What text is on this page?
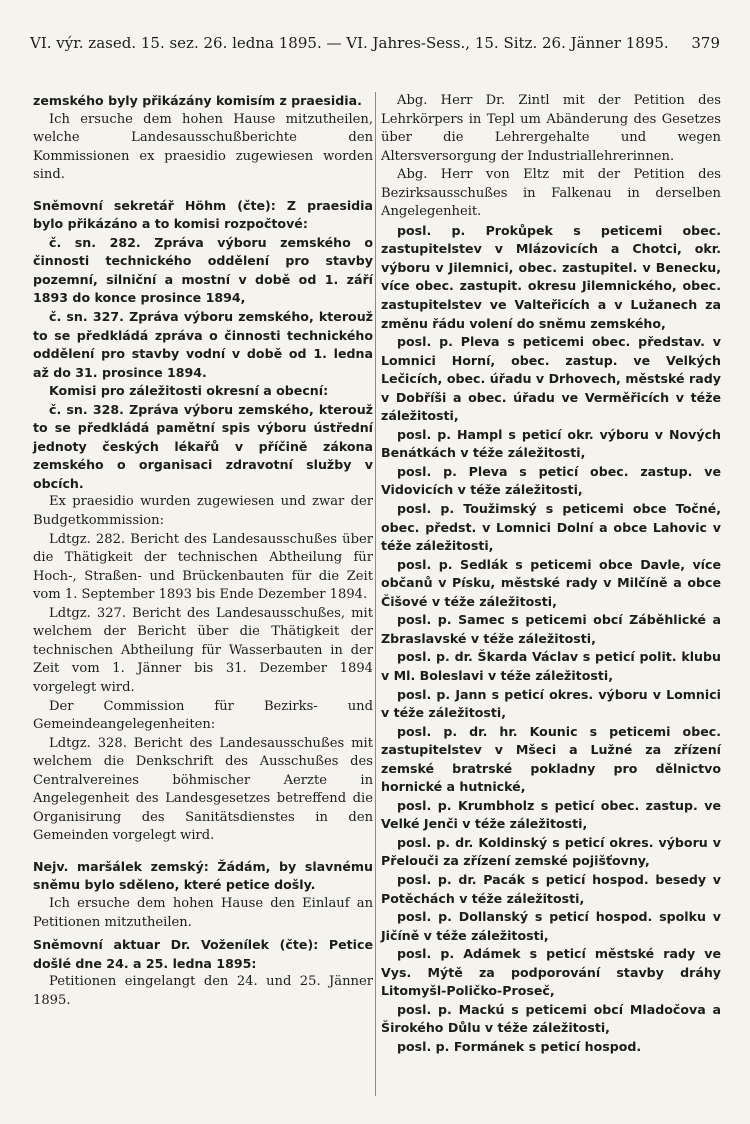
VI. výr. zased. 15. sez. 26. ledna 1895. — VI. Jahres-Sess., 15. Sitz. 26. Jänner 1895. 379

zemského byly přikázány komisím z praesidia.

Ich ersuche dem hohen Hause mitzutheilen, welche Landesausschußberichte den Kommissionen ex praesidio zugewiesen worden sind.

Sněmovní sekretář Höhm (čte): Z praesidia bylo přikázáno a to komisi rozpočtové:

č. sn. 282. Zpráva výboru zemského o činnosti technického oddělení pro stavby pozemní, silniční a mostní v době od 1. září 1893 do konce prosince 1894,

č. sn. 327. Zpráva výboru zemského, kterouž to se předkládá zpráva o činnosti technického oddělení pro stavby vodní v době od 1. ledna až do 31. prosince 1894.

Komisi pro záležitosti okresní a obecní:

č. sn. 328. Zpráva výboru zemského, kterouž to se předkládá pamětní spis výboru ústřední jednoty českých lékařů v příčině zákona zemského o organisaci zdravotní služby v obcích.

Ex praesidio wurden zugewiesen und zwar der Budgetkommission:

Ldtgz. 282. Bericht des Landesausschußes über die Thätigkeit der technischen Abtheilung für Hoch-, Straßen- und Brückenbauten für die Zeit vom 1. September 1893 bis Ende Dezember 1894.

Ldtgz. 327. Bericht des Landesausschußes, mit welchem der Bericht über die Thätigkeit der technischen Abtheilung für Wasserbauten in der Zeit vom 1. Jänner bis 31. Dezember 1894 vorgelegt wird.

Der Commission für Bezirks- und Gemeindeangelegenheiten:

Ldtgz. 328. Bericht des Landesausschußes mit welchem die Denkschrift des Ausschußes des Centralvereines böhmischer Aerzte in Angelegenheit des Landesgesetzes betreffend die Organisirung des Sanitätsdienstes in den Gemeinden vorgelegt wird.

Nejv. maršálek zemský: Žádám, by slavnému sněmu bylo sděleno, které petice došly.

Ich ersuche dem hohen Hause den Einlauf an Petitionen mitzutheilen.

Sněmovní aktuar Dr. Voženílek (čte): Petice došlé dne 24. a 25. ledna 1895:

Petitionen eingelangt den 24. und 25. Jänner 1895.

Abg. Herr Dr. Zintl mit der Petition des Lehrkörpers in Tepl um Abänderung des Gesetzes über die Lehrergehalte und wegen Altersversorgung der Industriallehrerinnen.

Abg. Herr von Eltz mit der Petition des Bezirksausschußes in Falkenau in derselben Angelegenheit.

posl. p. Prokůpek s peticemi obec. zastupitelstev v Mlázovicích a Chotci, okr. výboru v Jilemnici, obec. zastupitel. v Benecku, více obec. zastupit. okresu Jilemnického, obec. zastupitelstev ve Valteřicích a v Lužanech za změnu řádu volení do sněmu zemského,

posl. p. Pleva s peticemi obec. představ. v Lomnici Horní, obec. zastup. ve Velkých Lečicích, obec. úřadu v Drhovech, městské rady v Dobříši a obec. úřadu ve Verměřicích v téže záležitosti,

posl. p. Hampl s peticí okr. výboru v Nových Benátkách v téže záležitosti,

posl. p. Pleva s peticí obec. zastup. ve Vidovicích v téže záležitosti,

posl. p. Toužimský s peticemi obce Točné, obec. předst. v Lomnici Dolní a obce Lahovic v téže záležitosti,

posl. p. Sedlák s peticemi obce Davle, více občanů v Písku, městské rady v Milčíně a obce Čišové v téže záležitosti,

posl. p. Samec s peticemi obcí Záběhlické a Zbraslavské v téže záležitosti,

posl. p. dr. Škarda Václav s peticí polit. klubu v Ml. Boleslavi v téže záležitosti,

posl. p. Jann s peticí okres. výboru v Lomnici v téže záležitosti,

posl. p. dr. hr. Kounic s peticemi obec. zastupitelstev v Mšeci a Lužné za zřízení zemské bratrské pokladny pro dělnictvo hornické a hutnické,

posl. p. Krumbholz s peticí obec. zastup. ve Velké Jenči v téže záležitosti,

posl. p. dr. Koldinský s peticí okres. výboru v Přelouči za zřízení zemské pojišťovny,

posl. p. dr. Pacák s peticí hospod. besedy v Potěchách v téže záležitosti,

posl. p. Dollanský s peticí hospod. spolku v Jičíně v téže záležitosti,

posl. p. Adámek s peticí městské rady ve Vys. Mýtě za podporování stavby dráhy Litomyšl-Poličko-Proseč,

posl. p. Mackú s peticemi obcí Mladočova a Širokého Důlu v téže záležitosti,

posl. p. Formánek s peticí hospod.
